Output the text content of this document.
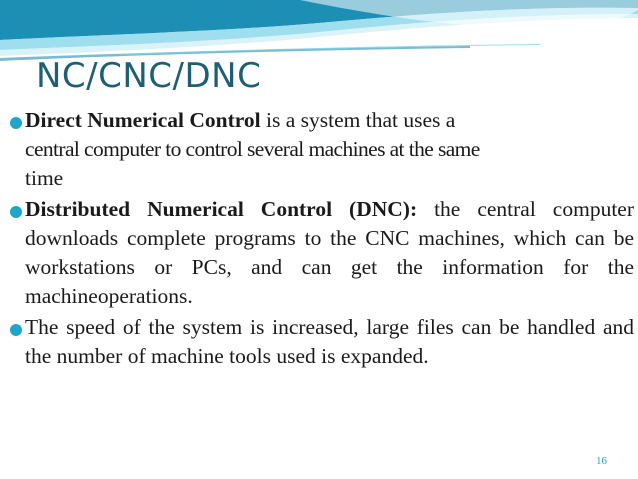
NC/CNC/DNC
Direct Numerical Control is a system that uses a
central computer to control several machines at the same
time
Distributed Numerical Control (DNC): the central computer downloads complete programs to the CNC machines, which can be workstations or PCs, and can get the information for the machineoperations.
The speed of the system is increased, large files can be handled and the number of machine tools used is expanded.
16
